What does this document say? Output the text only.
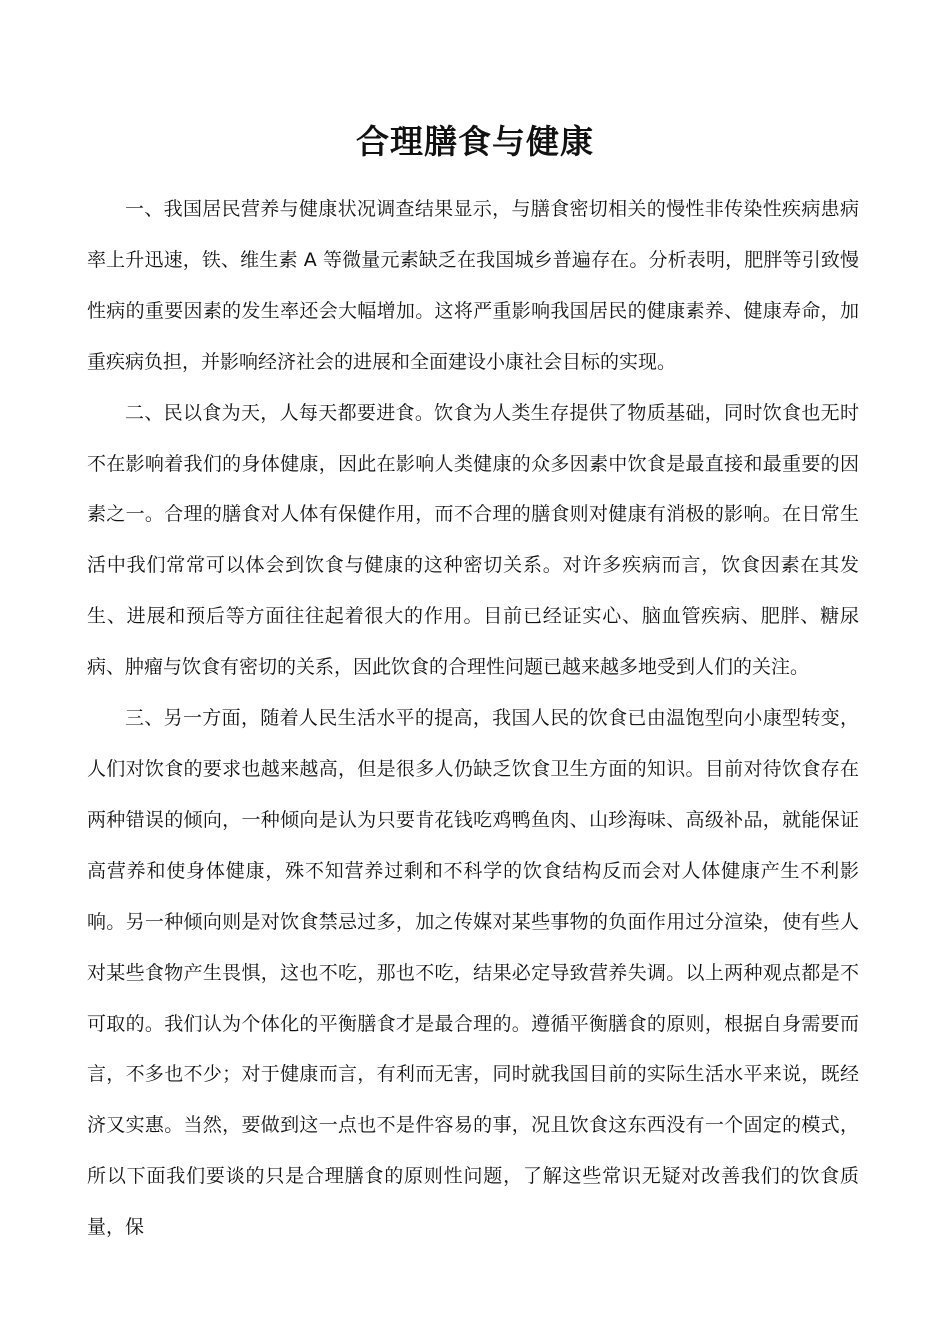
合理膳食与健康

一、我国居民营养与健康状况调查结果显示，与膳食密切相关的慢性非传染性疾病患病率上升迅速，铁、维生素 A 等微量元素缺乏在我国城乡普遍存在。分析表明，肥胖等引致慢性病的重要因素的发生率还会大幅增加。这将严重影响我国居民的健康素养、健康寿命，加重疾病负担，并影响经济社会的进展和全面建设小康社会目标的实现。

二、民以食为天，人每天都要进食。饮食为人类生存提供了物质基础，同时饮食也无时不在影响着我们的身体健康，因此在影响人类健康的众多因素中饮食是最直接和最重要的因素之一。合理的膳食对人体有保健作用，而不合理的膳食则对健康有消极的影响。在日常生活中我们常常可以体会到饮食与健康的这种密切关系。对许多疾病而言，饮食因素在其发生、进展和预后等方面往往起着很大的作用。目前已经证实心、脑血管疾病、肥胖、糖尿病、肿瘤与饮食有密切的关系，因此饮食的合理性问题已越来越多地受到人们的关注。

三、另一方面，随着人民生活水平的提高，我国人民的饮食已由温饱型向小康型转变，人们对饮食的要求也越来越高，但是很多人仍缺乏饮食卫生方面的知识。目前对待饮食存在两种错误的倾向，一种倾向是认为只要肯花钱吃鸡鸭鱼肉、山珍海味、高级补品，就能保证高营养和使身体健康，殊不知营养过剩和不科学的饮食结构反而会对人体健康产生不利影响。另一种倾向则是对饮食禁忌过多，加之传媒对某些事物的负面作用过分渲染，使有些人对某些食物产生畏惧，这也不吃，那也不吃，结果必定导致营养失调。以上两种观点都是不可取的。我们认为个体化的平衡膳食才是最合理的。遵循平衡膳食的原则，根据自身需要而言，不多也不少；对于健康而言，有利而无害，同时就我国目前的实际生活水平来说，既经济又实惠。当然，要做到这一点也不是件容易的事，况且饮食这东西没有一个固定的模式，所以下面我们要谈的只是合理膳食的原则性问题，了解这些常识无疑对改善我们的饮食质量，保
